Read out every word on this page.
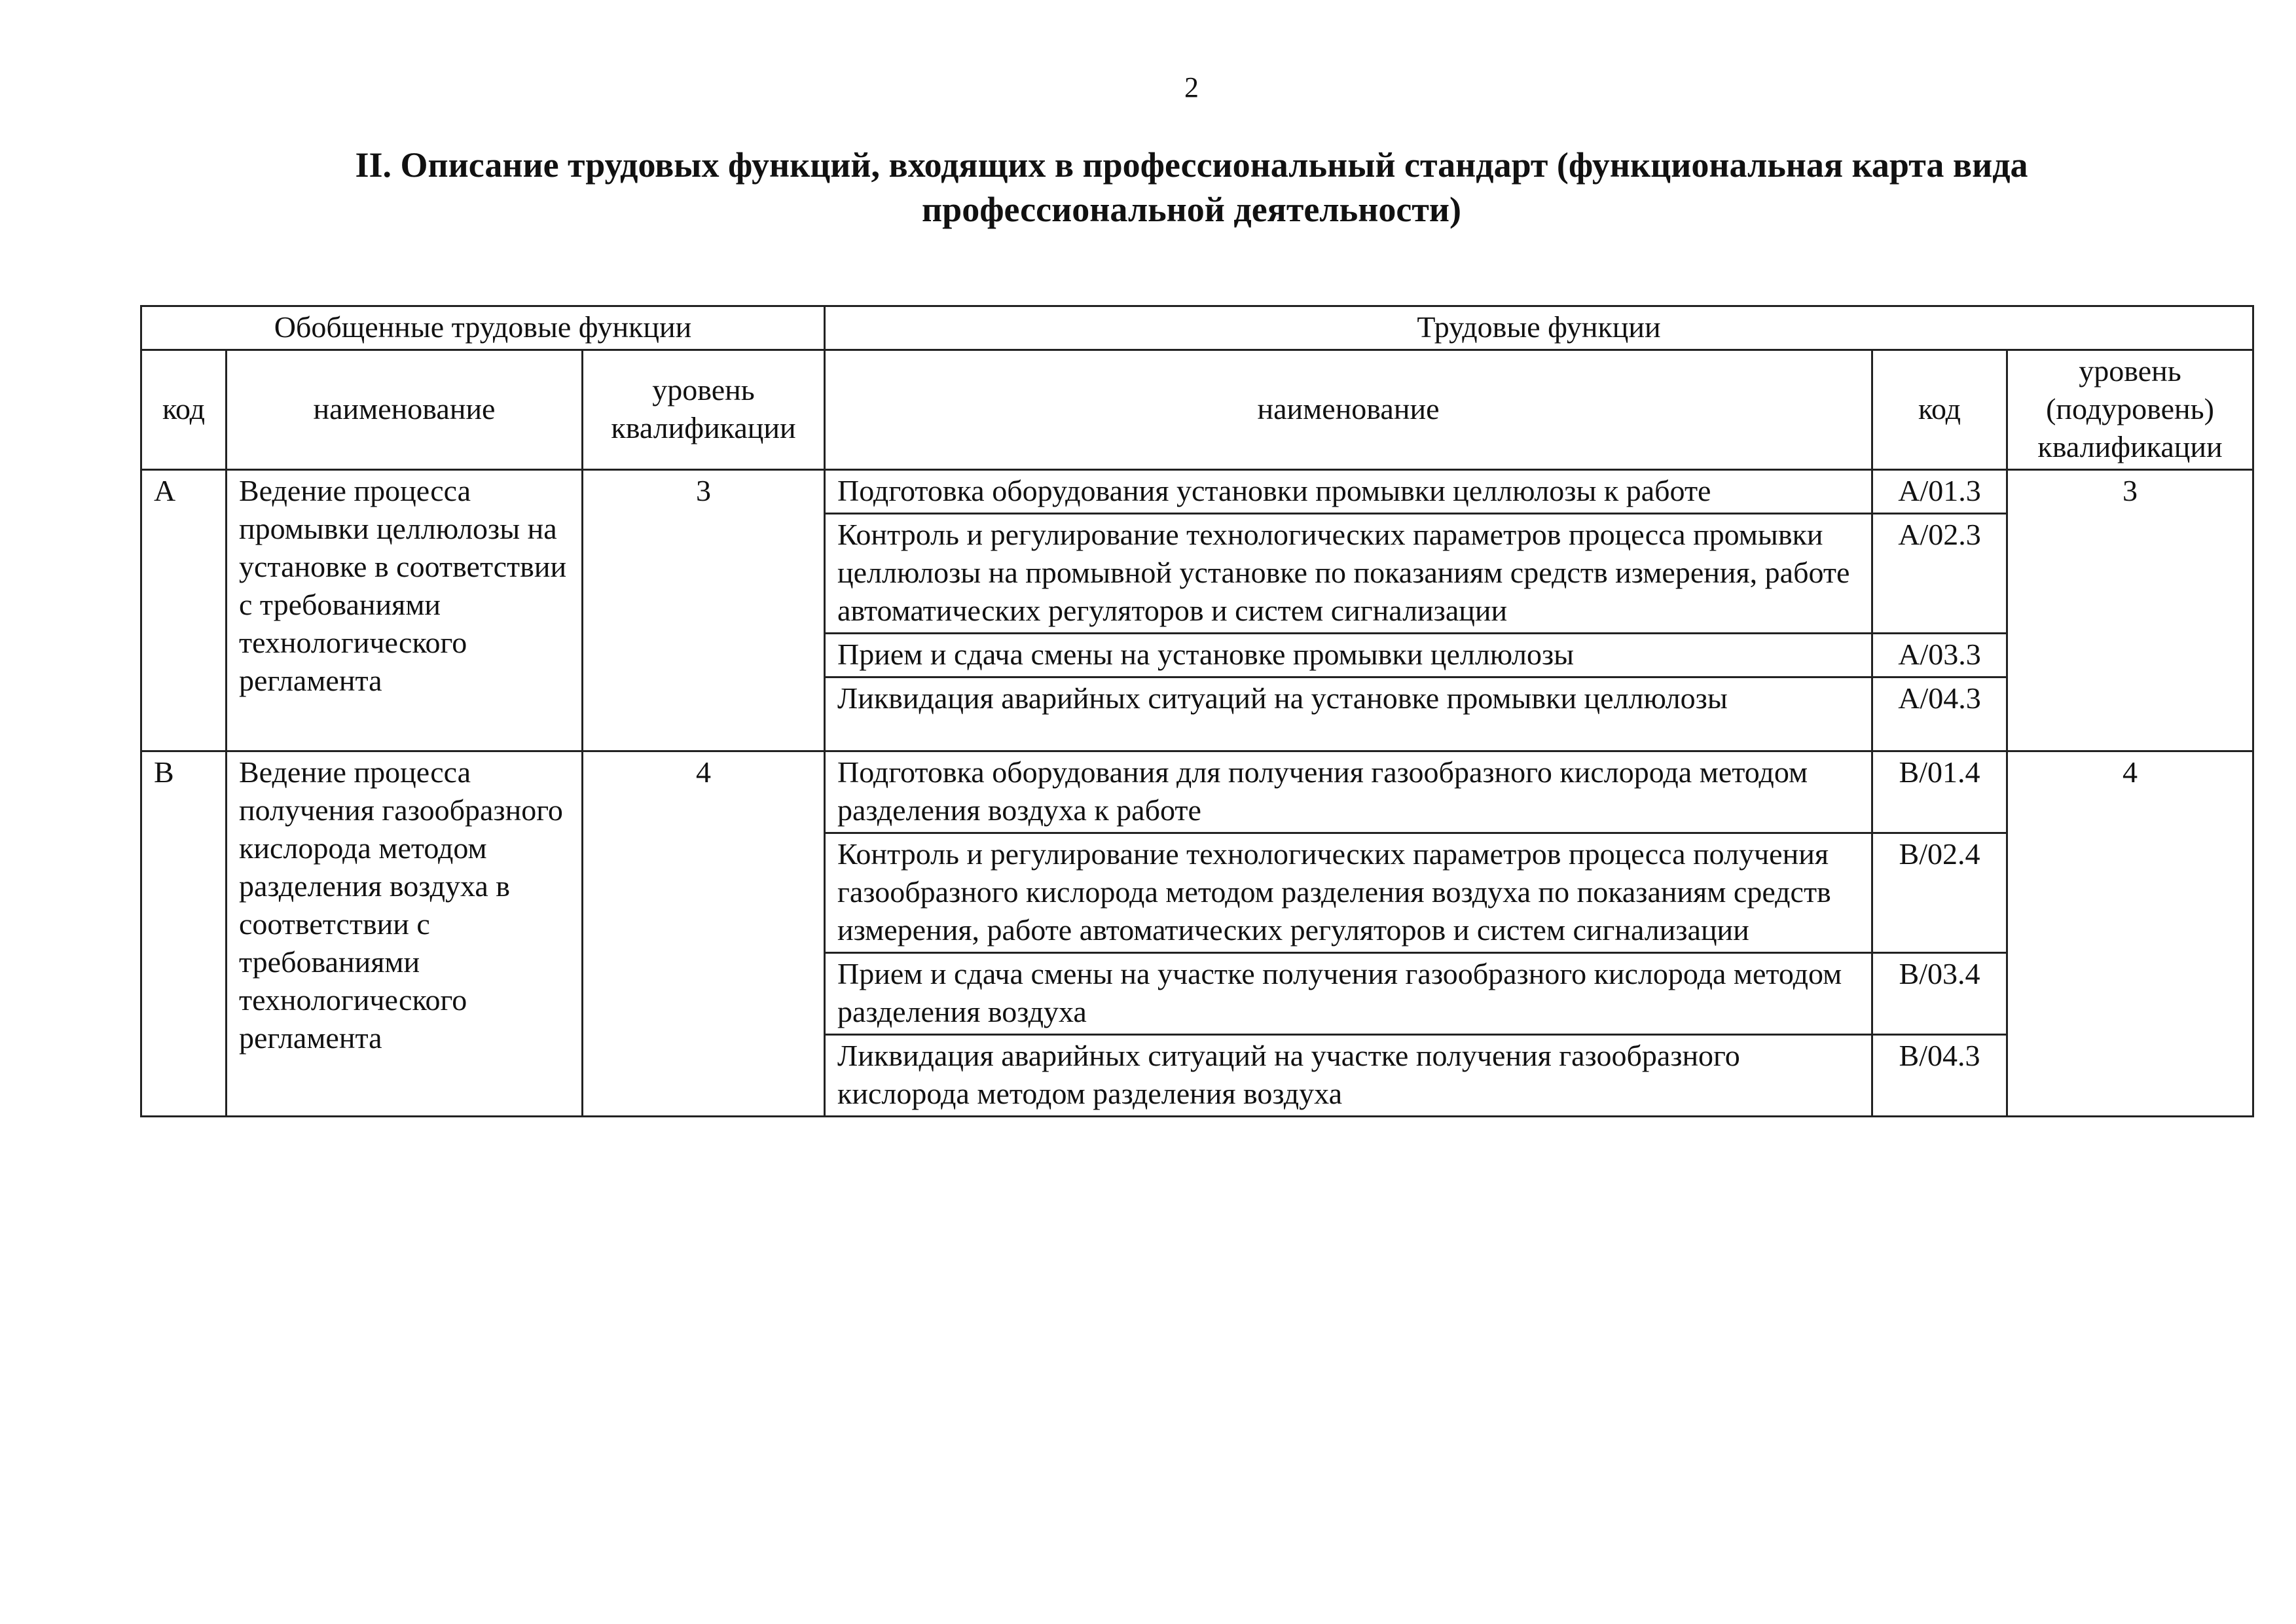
2
II. Описание трудовых функций, входящих в профессиональный стандарт (функциональная карта вида
профессиональной деятельности)
Обобщенные трудовые функции			Трудовые функции		
код	наименование	уровень квалификации	наименование	код	уровень (подуровень) квалификации
A	Ведение процесса промывки целлюлозы на установке в соответствии с требованиями технологического регламента	3	Подготовка оборудования установки промывки целлюлозы к работе	A/01.3	3
			Контроль и регулирование технологических параметров процесса промывки целлюлозы на промывной установке по показаниям средств измерения, работе автоматических регуляторов и систем сигнализации	A/02.3	
			Прием и сдача смены на установке промывки целлюлозы	A/03.3	
			Ликвидация аварийных ситуаций на установке промывки целлюлозы	A/04.3	
B	Ведение процесса получения газообразного кислорода методом разделения воздуха в соответствии с требованиями технологического регламента	4	Подготовка оборудования для получения газообразного кислорода методом разделения воздуха к работе	B/01.4	4
			Контроль и регулирование технологических параметров процесса получения газообразного кислорода методом разделения воздуха по показаниям средств измерения, работе автоматических регуляторов и систем сигнализации	B/02.4	
			Прием и сдача смены на участке получения газообразного кислорода методом разделения воздуха	B/03.4	
			Ликвидация аварийных ситуаций на участке получения газообразного кислорода методом разделения воздуха	B/04.3	
